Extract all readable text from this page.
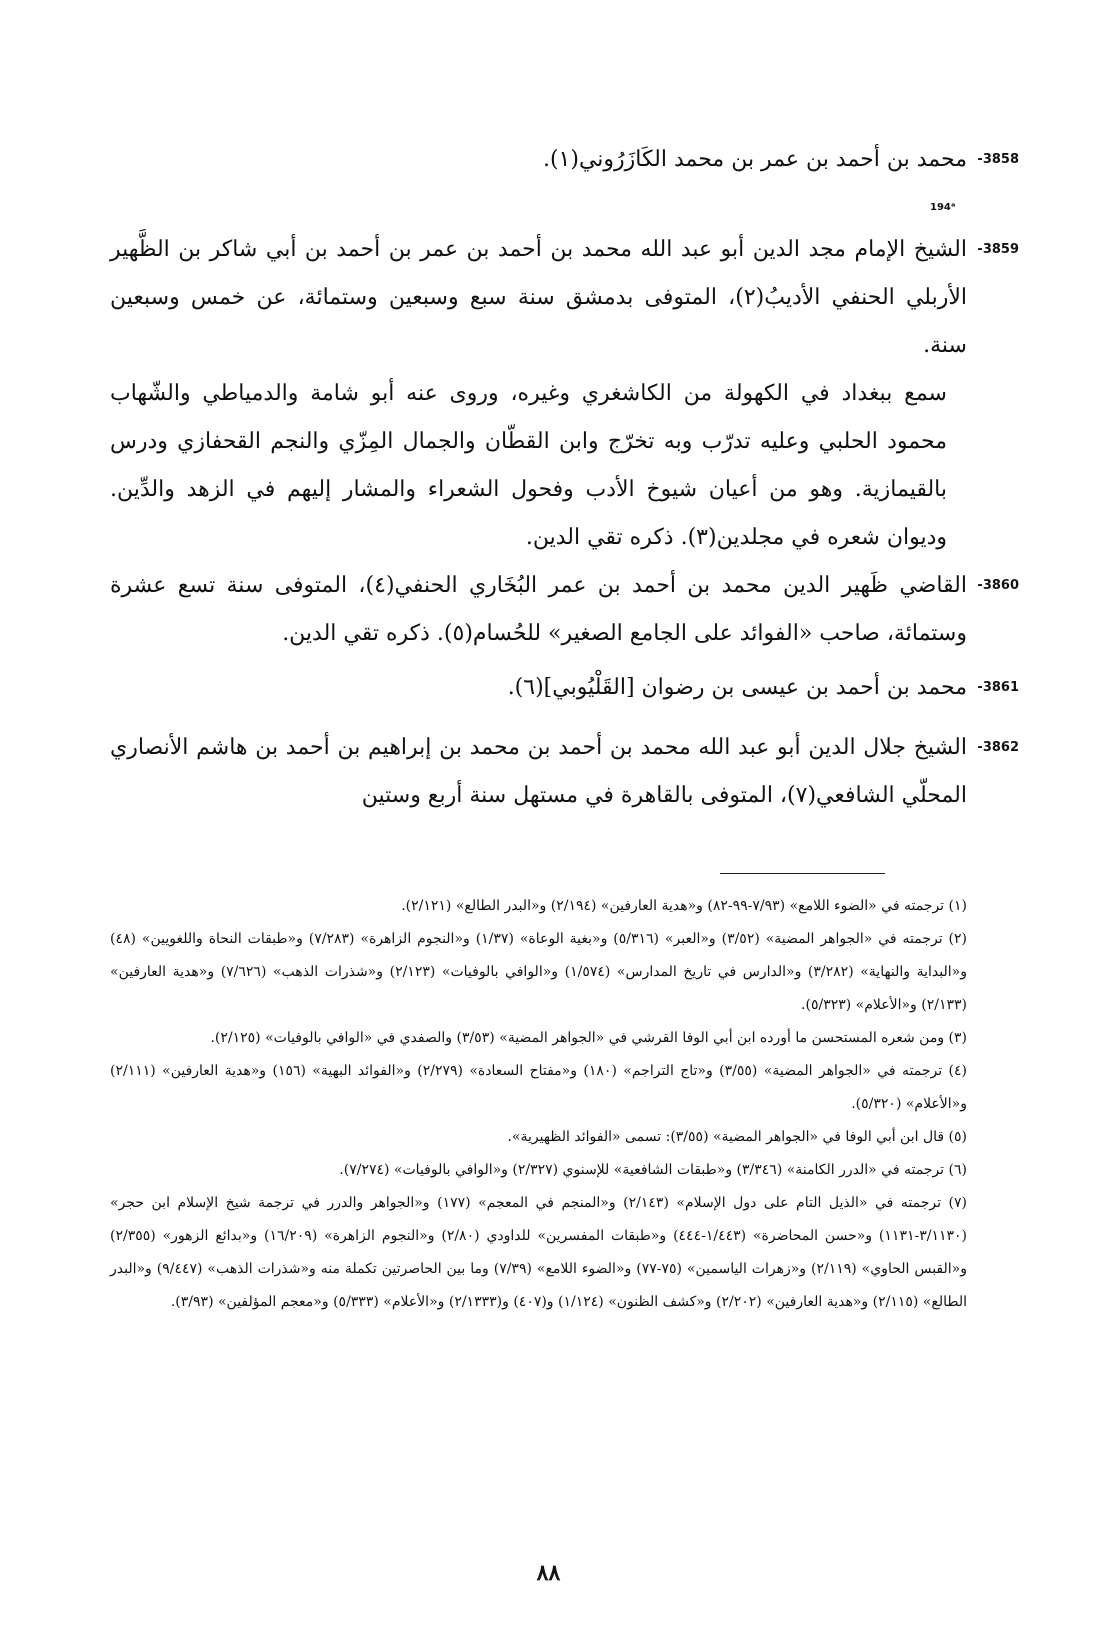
3858-
محمد بن أحمد بن عمر بن محمد الكَازَرُوني(١).
194ᵃ
3859-
الشيخ الإمام مجد الدين أبو عبد الله محمد بن أحمد بن عمر بن أحمد بن أبي شاكر بن الظَّهير الأربلي الحنفي الأديبُ(٢)، المتوفى بدمشق سنة سبع وسبعين وستمائة، عن خمس وسبعين سنة.
سمع ببغداد في الكهولة من الكاشغري وغيره، وروى عنه أبو شامة والدمياطي والشّهاب محمود الحلبي وعليه تدرّب وبه تخرّج وابن القطّان والجمال المِزّي والنجم القحفازي ودرس بالقيمازية. وهو من أعيان شيوخ الأدب وفحول الشعراء والمشار إليهم في الزهد والدِّين. وديوان شعره في مجلدين(٣). ذكره تقي الدين.
3860-
القاضي ظَهير الدين محمد بن أحمد بن عمر البُخَاري الحنفي(٤)، المتوفى سنة تسع عشرة وستمائة، صاحب «الفوائد على الجامع الصغير» للحُسام(٥). ذكره تقي الدين.
3861-
محمد بن أحمد بن عيسى بن رضوان [القَلْيُوبي](٦).
3862-
الشيخ جلال الدين أبو عبد الله محمد بن أحمد بن محمد بن إبراهيم بن أحمد بن هاشم الأنصاري المحلّي الشافعي(٧)، المتوفى بالقاهرة في مستهل سنة أربع وستين

(١) ترجمته في «الضوء اللامع» (٧/٩٣-٩٩-٨٢) و«هدية العارفين» (٢/١٩٤) و«البدر الطالع» (٢/١٢١).

(٢) ترجمته في «الجواهر المضية» (٣/٥٢) و«العبر» (٥/٣١٦) و«بغية الوعاة» (١/٣٧) و«النجوم الزاهرة» (٧/٢٨٣) و«طبقات النحاة واللغويين» (٤٨) و«البداية والنهاية» (٣/٢٨٢) و«الدارس في تاريخ المدارس» (١/٥٧٤) و«الوافي بالوفيات» (٢/١٢٣) و«شذرات الذهب» (٧/٦٢٦) و«هدية العارفين» (٢/١٣٣) و«الأعلام» (٥/٣٢٣).

(٣) ومن شعره المستحسن ما أورده ابن أبي الوفا القرشي في «الجواهر المضية» (٣/٥٣) والصفدي في «الوافي بالوفيات» (٢/١٢٥).

(٤) ترجمته في «الجواهر المضية» (٣/٥٥) و«تاج التراجم» (١٨٠) و«مفتاح السعادة» (٢/٢٧٩) و«الفوائد البهية» (١٥٦) و«هدية العارفين» (٢/١١١) و«الأعلام» (٥/٣٢٠).

(٥) قال ابن أبي الوفا في «الجواهر المضية» (٣/٥٥): تسمى «الفوائد الظهيرية».

(٦) ترجمته في «الدرر الكامنة» (٣/٣٤٦) و«طبقات الشافعية» للإسنوي (٢/٣٢٧) و«الوافي بالوفيات» (٧/٢٧٤).

(٧) ترجمته في «الذيل التام على دول الإسلام» (٢/١٤٣) و«المنجم في المعجم» (١٧٧) و«الجواهر والدرر في ترجمة شيخ الإسلام ابن حجر» (٣/١١٣٠-١١٣١) و«حسن المحاضرة» (١/٤٤٣-٤٤٤) و«طبقات المفسرين» للداودي (٢/٨٠) و«النجوم الزاهرة» (١٦/٢٠٩) و«بدائع الزهور» (٢/٣٥٥) و«القبس الحاوي» (٢/١١٩) و«زهرات الياسمين» (٧٥-٧٧) و«الضوء اللامع» (٧/٣٩) وما بين الحاصرتين تكملة منه و«شذرات الذهب» (٩/٤٤٧) و«البدر الطالع» (٢/١١٥) و«هدية العارفين» (٢/٢٠٢) و«كشف الظنون» (١/١٢٤) و(٤٠٧) و(٢/١٣٣٣) و«الأعلام» (٥/٣٣٣) و«معجم المؤلفين» (٣/٩٣).

٨٨
